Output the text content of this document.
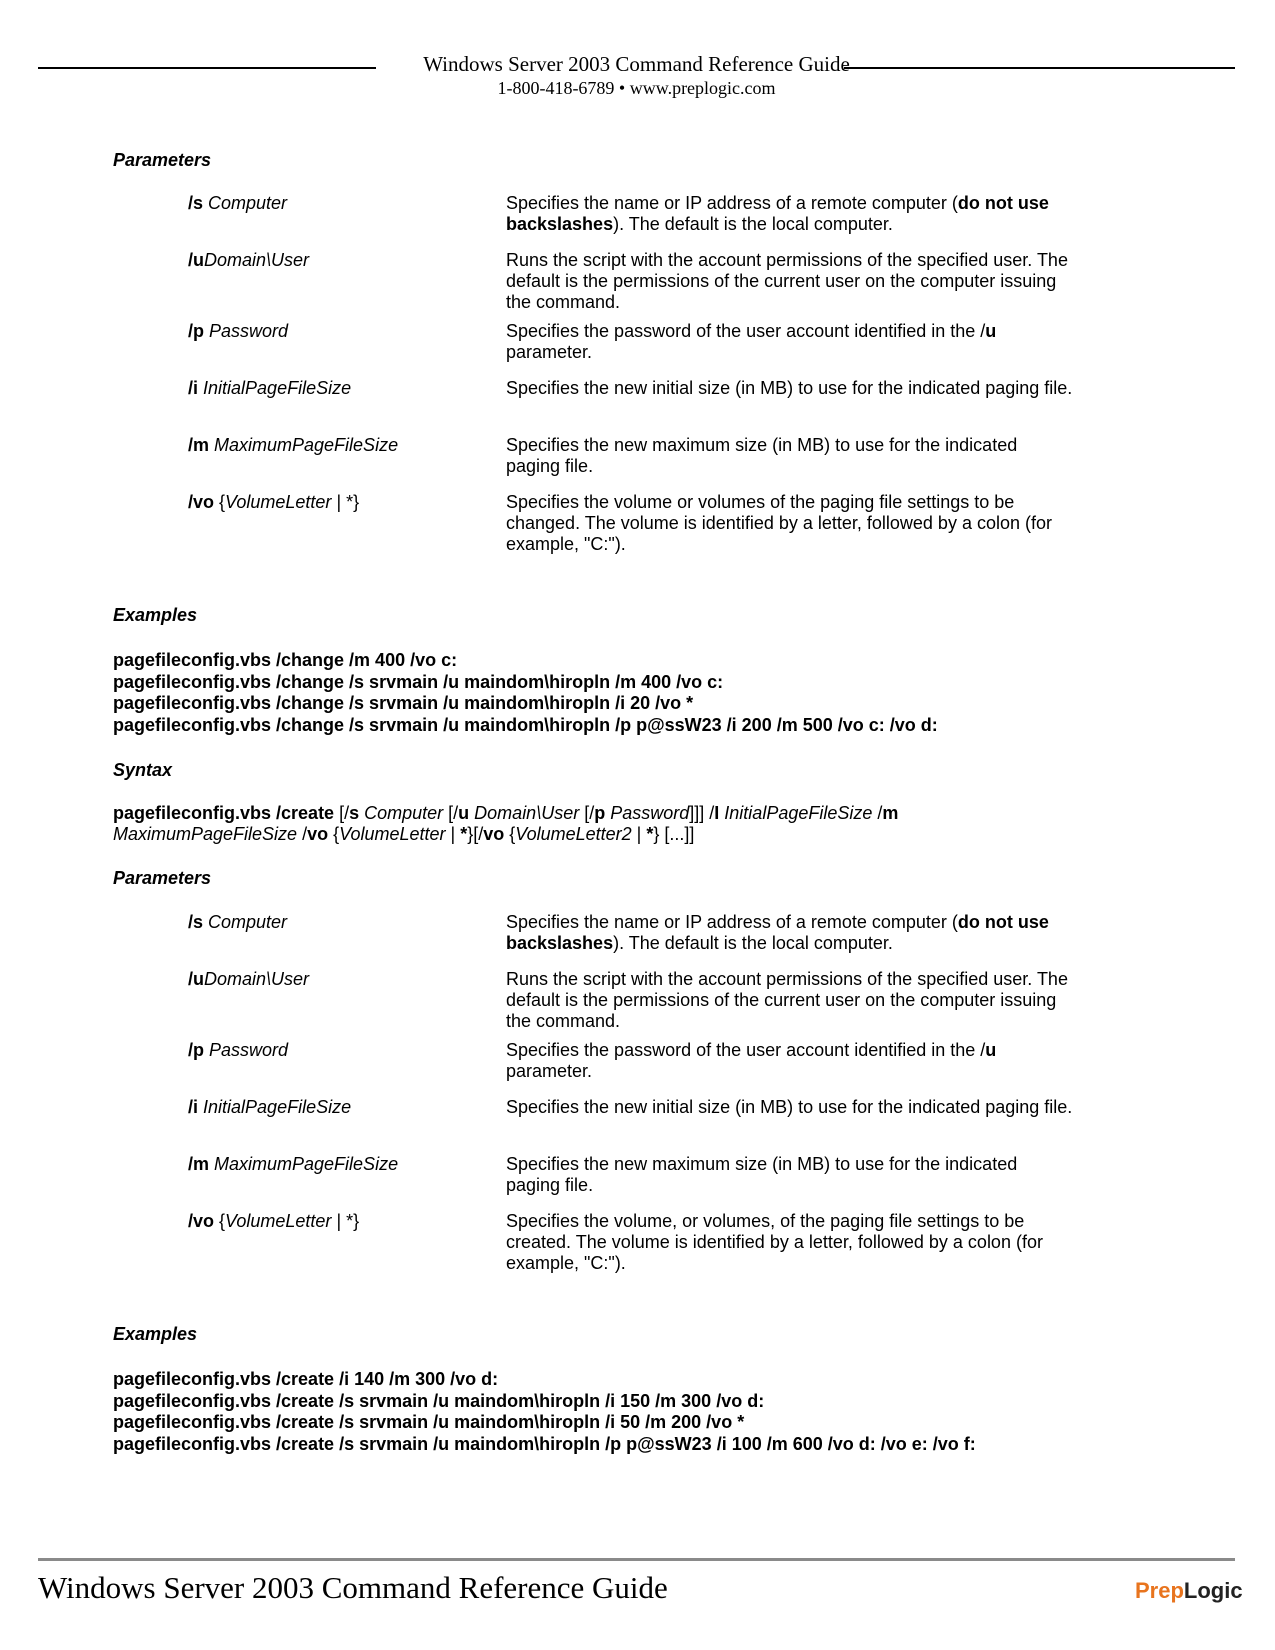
Windows Server 2003 Command Reference Guide
1-800-418-6789 • www.preplogic.com
Parameters
/s Computer	Specifies the name or IP address of a remote computer (do not use backslashes). The default is the local computer.
/uDomain\User	Runs the script with the account permissions of the specified user. The default is the permissions of the current user on the computer issuing the command.
/p Password	Specifies the password of the user account identified in the /u parameter.
/i InitialPageFileSize	Specifies the new initial size (in MB) to use for the indicated paging file.
/m MaximumPageFileSize	Specifies the new maximum size (in MB) to use for the indicated paging file.
/vo {VolumeLetter | *}	Specifies the volume or volumes of the paging file settings to be changed. The volume is identified by a letter, followed by a colon (for example, "C:").
Examples
pagefileconfig.vbs /change /m 400 /vo c:
pagefileconfig.vbs /change /s srvmain /u maindom\hiropln /m 400 /vo c:
pagefileconfig.vbs /change /s srvmain /u maindom\hiropln /i 20 /vo *
pagefileconfig.vbs /change /s srvmain /u maindom\hiropln /p p@ssW23 /i 200 /m 500 /vo c: /vo d:
Syntax
pagefileconfig.vbs /create [/s Computer [/u Domain\User [/p Password]]] /I InitialPageFileSize /m
MaximumPageFileSize /vo {VolumeLetter | *}[/vo {VolumeLetter2 | *} [...]]
Parameters
/s Computer	Specifies the name or IP address of a remote computer (do not use backslashes). The default is the local computer.
/uDomain\User	Runs the script with the account permissions of the specified user. The default is the permissions of the current user on the computer issuing the command.
/p Password	Specifies the password of the user account identified in the /u parameter.
/i InitialPageFileSize	Specifies the new initial size (in MB) to use for the indicated paging file.
/m MaximumPageFileSize	Specifies the new maximum size (in MB) to use for the indicated paging file.
/vo {VolumeLetter | *}	Specifies the volume, or volumes, of the paging file settings to be created. The volume is identified by a letter, followed by a colon (for example, "C:").
Examples
pagefileconfig.vbs /create /i 140 /m 300 /vo d:
pagefileconfig.vbs /create /s srvmain /u maindom\hiropln /i 150 /m 300 /vo d:
pagefileconfig.vbs /create /s srvmain /u maindom\hiropln /i 50 /m 200 /vo *
pagefileconfig.vbs /create /s srvmain /u maindom\hiropln /p p@ssW23 /i 100 /m 600 /vo d: /vo e: /vo f:
Windows Server 2003 Command Reference Guide	PrepLogic
